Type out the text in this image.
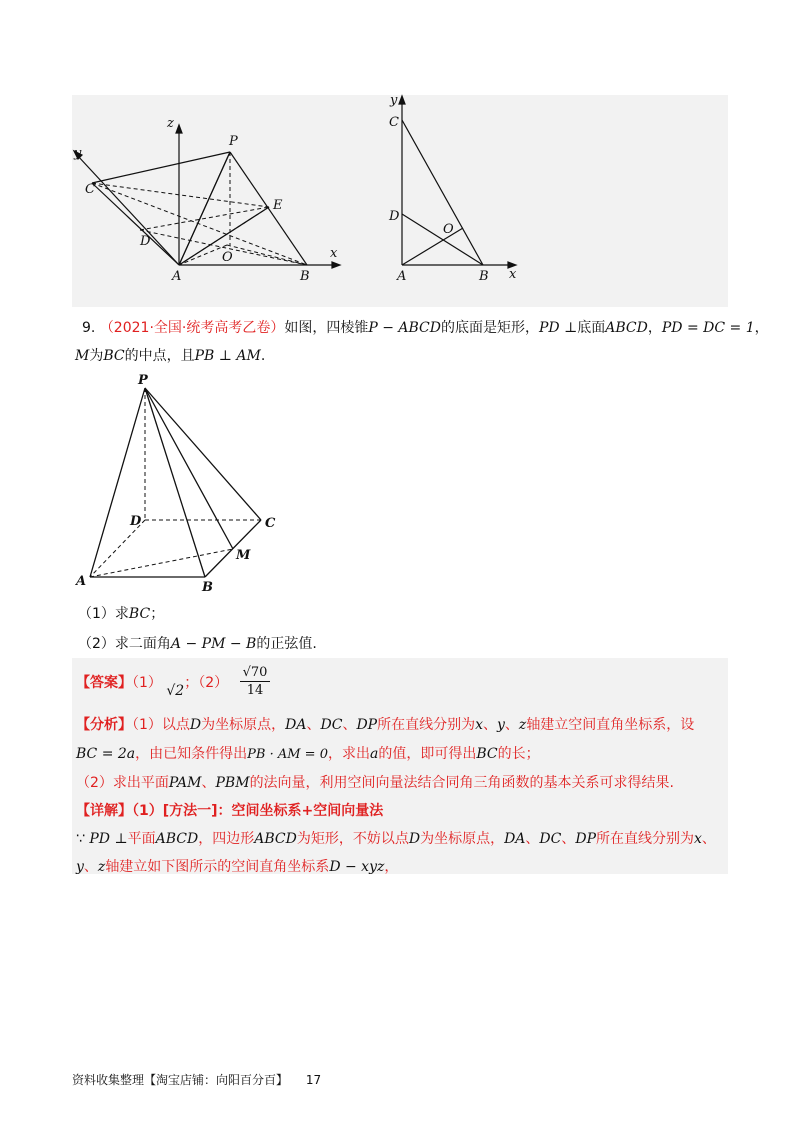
z
y
x
P
C
E
D
O
A	B
y
C
D
O
A	B x
9. （2021·全国·统考高考乙卷）如图，四棱锥P − ABCD的底面是矩形，PD ⊥底面ABCD，PD = DC = 1，
M为BC的中点，且PB ⊥ AM.
P
D	C
M
A	B
（1）求BC；
（2）求二面角A − PM − B的正弦值.
【答案】（1） √2；$(2) \frac{√70}{14}$
【分析】（1）以点D为坐标原点，DA、DC、DP所在直线分别为x、y、z轴建立空间直角坐标系，设
BC = 2a，由已知条件得出PB · AM = 0，求出a的值，即可得出BC的长；
（2）求出平面PAM、PBM的法向量，利用空间向量法结合同角三角函数的基本关系可求得结果.
【详解】（1）[方法一]：空间坐标系+空间向量法
∵ PD ⊥平面ABCD，四边形ABCD为矩形，不妨以点D为坐标原点，DA、DC、DP所在直线分别为x、
y、z轴建立如下图所示的空间直角坐标系D − xyz，
资料收集整理【淘宝店铺：向阳百分百】 17
